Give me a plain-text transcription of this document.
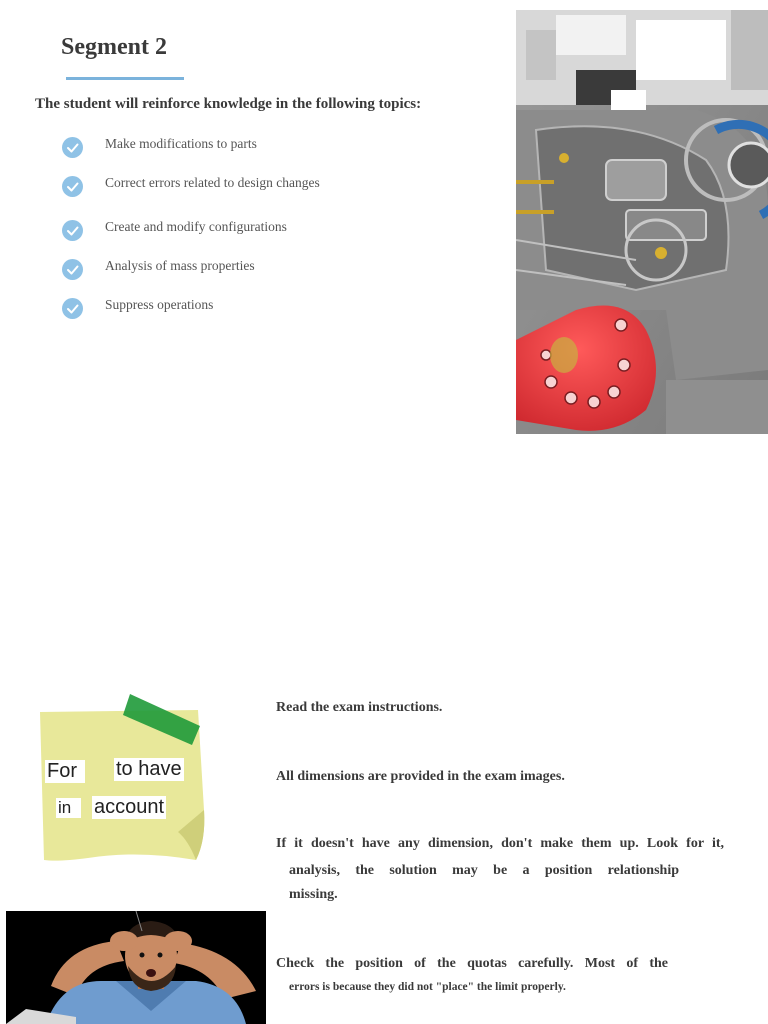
Segment 2
The student will reinforce knowledge in the following topics:
Make modifications to parts
Correct errors related to design changes
Create and modify configurations
Analysis of mass properties
Suppress operations
For	to have
in	account
Read the exam instructions.
All dimensions are provided in the exam images.
If it doesn't have any dimension, don't make them up. Look for it,
analysis, the solution may be a position relationship
missing.
Check the position of the quotas carefully. Most of the
errors is because they did not "place" the limit properly.
